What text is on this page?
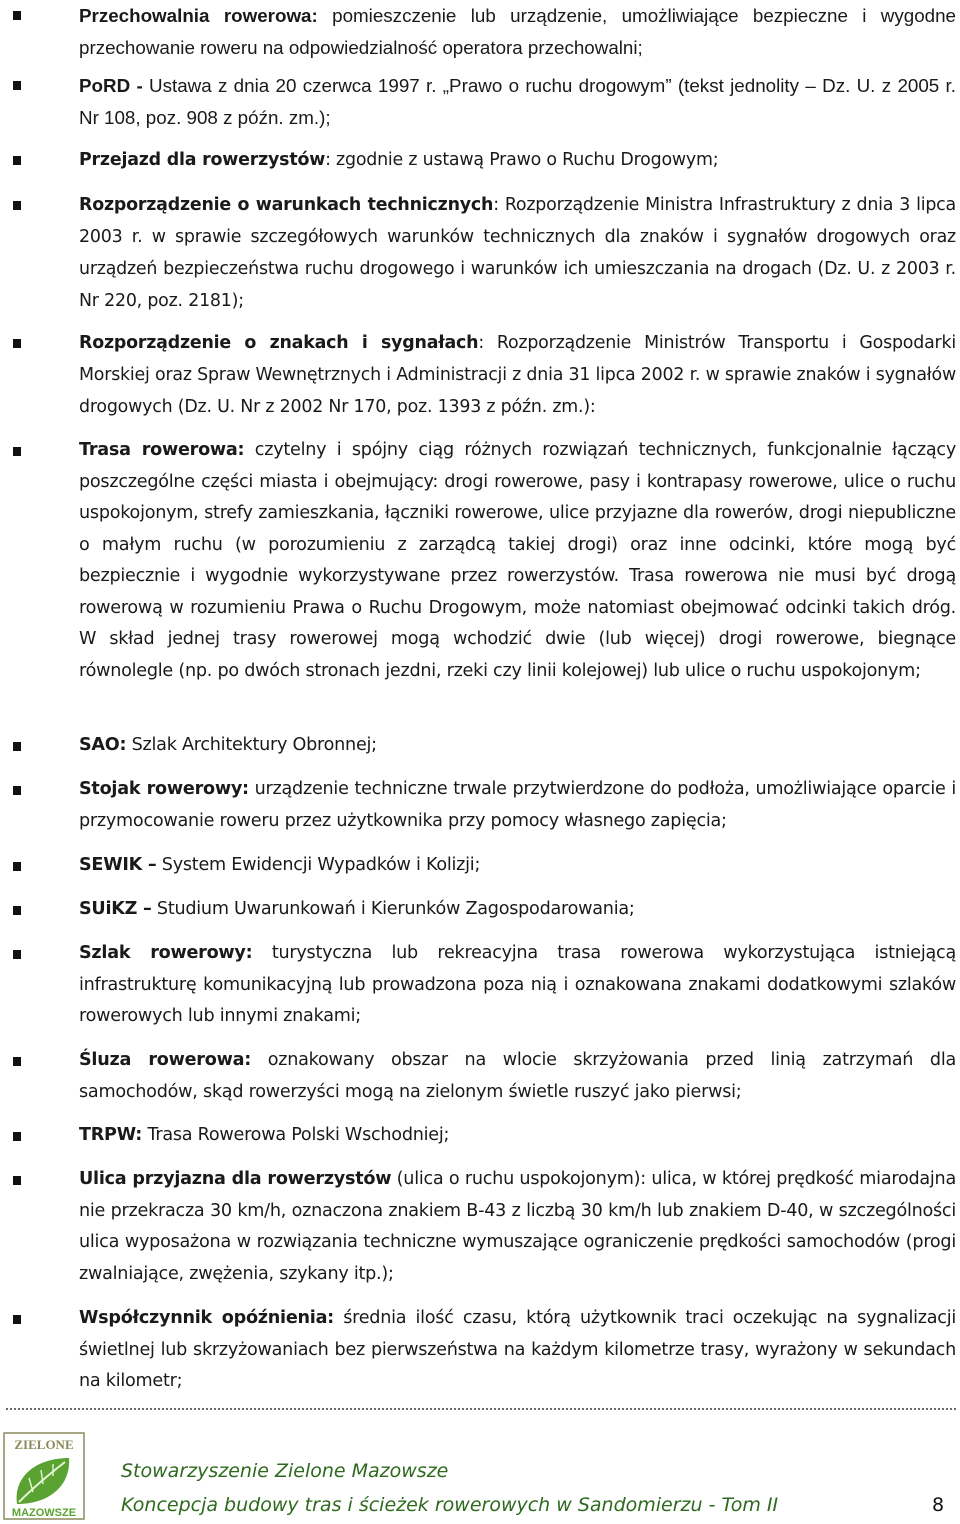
Przechowalnia rowerowa: pomieszczenie lub urządzenie, umożliwiające bezpieczne i wygodne przechowanie roweru na odpowiedzialność operatora przechowalni;

PoRD - Ustawa z dnia 20 czerwca 1997 r. „Prawo o ruchu drogowym” (tekst jednolity – Dz. U. z 2005 r. Nr 108, poz. 908 z późn. zm.);

Przejazd dla rowerzystów: zgodnie z ustawą Prawo o Ruchu Drogowym;

Rozporządzenie o warunkach technicznych: Rozporządzenie Ministra Infrastruktury z dnia 3 lipca 2003 r. w sprawie szczegółowych warunków technicznych dla znaków i sygnałów drogowych oraz urządzeń bezpieczeństwa ruchu drogowego i warunków ich umieszczania na drogach (Dz. U. z 2003 r. Nr 220, poz. 2181);

Rozporządzenie o znakach i sygnałach: Rozporządzenie Ministrów Transportu i Gospodarki Morskiej oraz Spraw Wewnętrznych i Administracji z dnia 31 lipca 2002 r. w sprawie znaków i sygnałów drogowych (Dz. U. Nr z 2002 Nr 170, poz. 1393 z późn. zm.):

Trasa rowerowa: czytelny i spójny ciąg różnych rozwiązań technicznych, funkcjonalnie łączący poszczególne części miasta i obejmujący: drogi rowerowe, pasy i kontrapasy rowerowe, ulice o ruchu uspokojonym, strefy zamieszkania, łączniki rowerowe, ulice przyjazne dla rowerów, drogi niepubliczne o małym ruchu (w porozumieniu z zarządcą takiej drogi) oraz inne odcinki, które mogą być bezpiecznie i wygodnie wykorzystywane przez rowerzystów. Trasa rowerowa nie musi być drogą rowerową w rozumieniu Prawa o Ruchu Drogowym, może natomiast obejmować odcinki takich dróg. W skład jednej trasy rowerowej mogą wchodzić dwie (lub więcej) drogi rowerowe, biegnące równolegle (np. po dwóch stronach jezdni, rzeki czy linii kolejowej) lub ulice o ruchu uspokojonym;

SAO: Szlak Architektury Obronnej;

Stojak rowerowy: urządzenie techniczne trwale przytwierdzone do podłoża, umożliwiające oparcie i przymocowanie roweru przez użytkownika przy pomocy własnego zapięcia;

SEWIK – System Ewidencji Wypadków i Kolizji;

SUiKZ – Studium Uwarunkowań i Kierunków Zagospodarowania;

Szlak rowerowy: turystyczna lub rekreacyjna trasa rowerowa wykorzystująca istniejącą infrastrukturę komunikacyjną lub prowadzona poza nią i oznakowana znakami dodatkowymi szlaków rowerowych lub innymi znakami;

Śluza rowerowa: oznakowany obszar na wlocie skrzyżowania przed linią zatrzymań dla samochodów, skąd rowerzyści mogą na zielonym świetle ruszyć jako pierwsi;

TRPW: Trasa Rowerowa Polski Wschodniej;

Ulica przyjazna dla rowerzystów (ulica o ruchu uspokojonym): ulica, w której prędkość miarodajna nie przekracza 30 km/h, oznaczona znakiem B-43 z liczbą 30 km/h lub znakiem D-40, w szczególności ulica wyposażona w rozwiązania techniczne wymuszające ograniczenie prędkości samochodów (progi zwalniające, zwężenia, szykany itp.);

Współczynnik opóźnienia: średnia ilość czasu, którą użytkownik traci oczekując na sygnalizacji świetlnej lub skrzyżowaniach bez pierwszeństwa na każdym kilometrze trasy, wyrażony w sekundach na kilometr;

ZIELONE
MAZOWSZE
Stowarzyszenie Zielone Mazowsze
Koncepcja budowy tras i ścieżek rowerowych w Sandomierzu - Tom II	8
